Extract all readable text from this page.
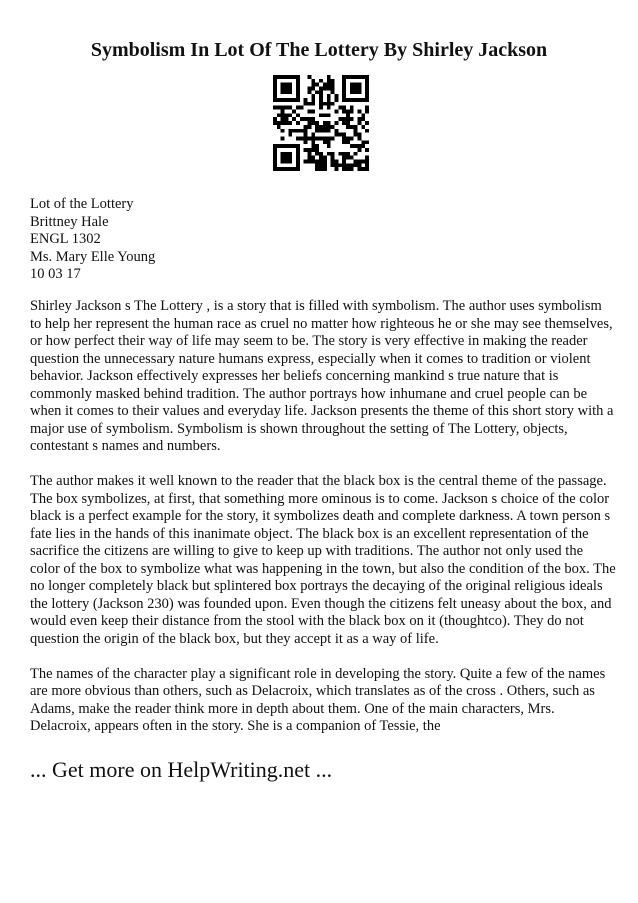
Symbolism In Lot Of The Lottery By Shirley Jackson
Lot of the Lottery
Brittney Hale
ENGL 1302
Ms. Mary Elle Young
10 03 17

Shirley Jackson s The Lottery , is a story that is filled with symbolism. The author uses symbolism to help her represent the human race as cruel no matter how righteous he or she may see themselves, or how perfect their way of life may seem to be. The story is very effective in making the reader question the unnecessary nature humans express, especially when it comes to tradition or violent behavior. Jackson effectively expresses her beliefs concerning mankind s true nature that is commonly masked behind tradition. The author portrays how inhumane and cruel people can be when it comes to their values and everyday life. Jackson presents the theme of this short story with a major use of symbolism. Symbolism is shown throughout the setting of The Lottery, objects, contestant s names and numbers.

The author makes it well known to the reader that the black box is the central theme of the passage. The box symbolizes, at first, that something more ominous is to come. Jackson s choice of the color black is a perfect example for the story, it symbolizes death and complete darkness. A town person s fate lies in the hands of this inanimate object. The black box is an excellent representation of the sacrifice the citizens are willing to give to keep up with traditions. The author not only used the color of the box to symbolize what was happening in the town, but also the condition of the box. The no longer completely black but splintered box portrays the decaying of the original religious ideals the lottery (Jackson 230) was founded upon. Even though the citizens felt uneasy about the box, and would even keep their distance from the stool with the black box on it (thoughtco). They do not question the origin of the black box, but they accept it as a way of life.

The names of the character play a significant role in developing the story. Quite a few of the names are more obvious than others, such as Delacroix, which translates as of the cross . Others, such as Adams, make the reader think more in depth about them. One of the main characters, Mrs. Delacroix, appears often in the story. She is a companion of Tessie, the

... Get more on HelpWriting.net ...
